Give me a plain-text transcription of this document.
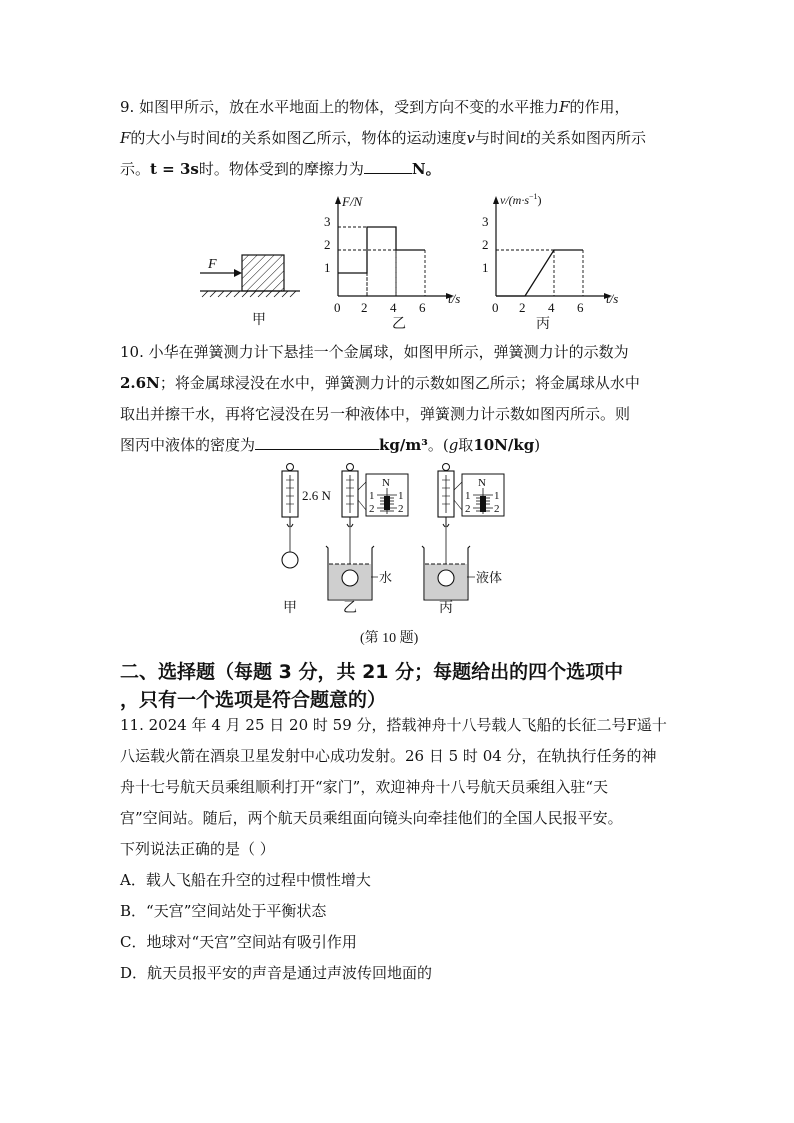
9. 如图甲所示，放在水平地面上的物体，受到方向不变的水平推力F的作用，
F的大小与时间t的关系如图乙所示，物体的运动速度v与时间t的关系如图丙所示
示。t = 3s时。物体受到的摩擦力为	N。
F
甲
F/N
t/s
1
2
3
0 2 4 6
乙
$v/(m\cdot s^{-1})$
t/s
1
2
3
0 2 4 6
丙
10. 小华在弹簧测力计下悬挂一个金属球，如图甲所示，弹簧测力计的示数为
2.6N；将金属球浸没在水中，弹簧测力计的示数如图乙所示；将金属球从水中
取出并擦干水，再将它浸没在另一种液体中，弹簧测力计示数如图丙所示。则
图丙中液体的密度为	kg/m³。(g取10N/kg)
2.6 N
甲
N
1
2
1
2
水
乙
N
1
2
1
2
液体
丙
(第 10 题)
二、选择题（每题 3 分，共 21 分；每题给出的四个选项中
，只有一个选项是符合题意的）
11. 2024 年 4 月 25 日 20 时 59 分，搭载神舟十八号载人飞船的长征二号F遥十
八运载火箭在酒泉卫星发射中心成功发射。26 日 5 时 04 分，在轨执行任务的神
舟十七号航天员乘组顺利打开“家门”，欢迎神舟十八号航天员乘组入驻“天
宫”空间站。随后，两个航天员乘组面向镜头向牵挂他们的全国人民报平安。
下列说法正确的是（ ）
A．载人飞船在升空的过程中惯性增大
B．“天宫”空间站处于平衡状态
C．地球对“天宫”空间站有吸引作用
D．航天员报平安的声音是通过声波传回地面的
